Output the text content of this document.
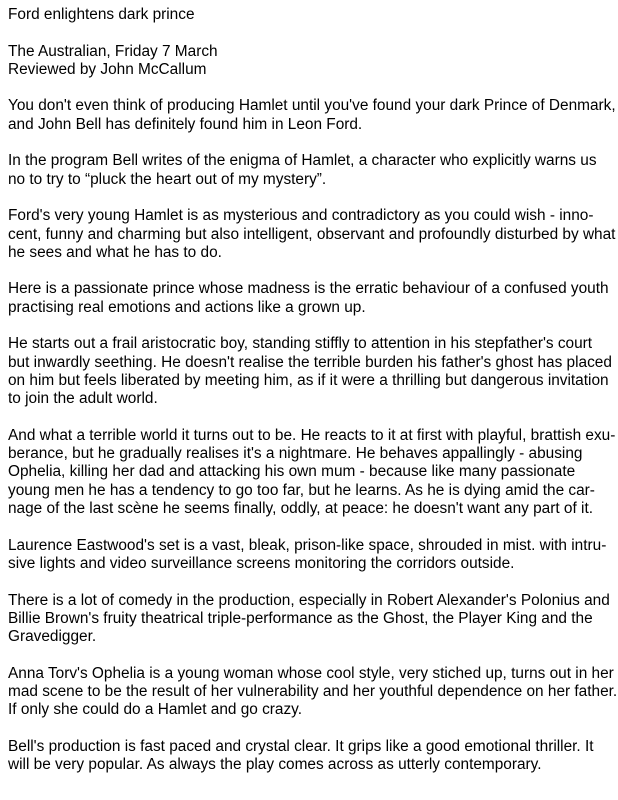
Ford enlightens dark prince
The Australian, Friday 7 March
Reviewed by John McCallum
You don't even think of producing Hamlet until you've found your dark Prince of Denmark,
and John Bell has definitely found him in Leon Ford.
In the program Bell writes of the enigma of Hamlet, a character who explicitly warns us
no to try to “pluck the heart out of my mystery”.
Ford's very young Hamlet is as mysterious and contradictory as you could wish - inno-
cent, funny and charming but also intelligent, observant and profoundly disturbed by what
he sees and what he has to do.
Here is a passionate prince whose madness is the erratic behaviour of a confused youth
practising real emotions and actions like a grown up.
He starts out a frail aristocratic boy, standing stiffly to attention in his stepfather's court
but inwardly seething. He doesn't realise the terrible burden his father's ghost has placed
on him but feels liberated by meeting him, as if it were a thrilling but dangerous invitation
to join the adult world.
And what a terrible world it turns out to be. He reacts to it at first with playful, brattish exu-
berance, but he gradually realises it's a nightmare. He behaves appallingly - abusing
Ophelia, killing her dad and attacking his own mum - because like many passionate
young men he has a tendency to go too far, but he learns. As he is dying amid the car-
nage of the last scène he seems finally, oddly, at peace: he doesn't want any part of it.
Laurence Eastwood's set is a vast, bleak, prison-like space, shrouded in mist. with intru-
sive lights and video surveillance screens monitoring the corridors outside.
There is a lot of comedy in the production, especially in Robert Alexander's Polonius and
Billie Brown's fruity theatrical triple-performance as the Ghost, the Player King and the
Gravedigger.
Anna Torv's Ophelia is a young woman whose cool style, very stiched up, turns out in her
mad scene to be the result of her vulnerability and her youthful dependence on her father.
If only she could do a Hamlet and go crazy.
Bell's production is fast paced and crystal clear. It grips like a good emotional thriller. It
will be very popular. As always the play comes across as utterly contemporary.
